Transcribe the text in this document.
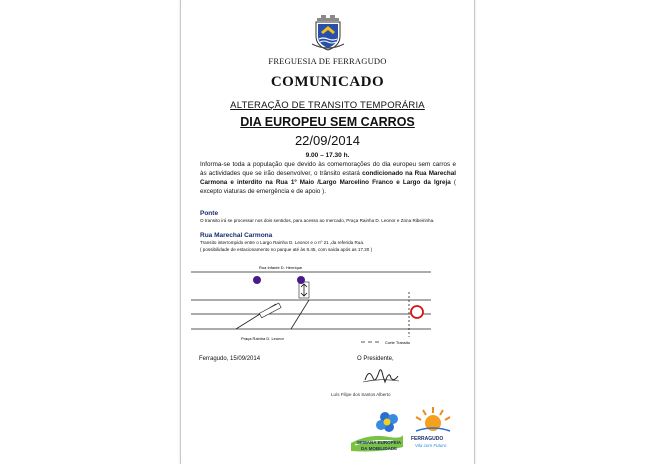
FREGUESIA DE FERRAGUDO
COMUNICADO
ALTERAÇÃO DE TRANSITO TEMPORÁRIA
DIA EUROPEU SEM CARROS
22/09/2014
9.00 – 17.30 h.
Informa-se toda a população que devido às comemorações do dia europeu sem carros e às actividades que se irão desenvolver, o trânsito estará condicionado na Rua Marechal Carmona e interdito na Rua 1º Maio /Largo Marcelino Franco e Largo da Igreja ( excepto viaturas de emergência e de apoio ).
Ponte
O transito irá se processar nos dois sentidos, para acesso ao mercado, Praça Rainha D. Leonor e Zona Ribeirinha.
Rua Marechal Carmona
Transito interrompido entre o Largo Rainha D. Leonor e o nº 21 ,da referida Rua.
( possibilidade de estacionamento no parque até às 8.45, com saída após as 17.20 )
Rua Infante D. Henrique
Praça Rainha D. Leonor
Corte Transito
Ferragudo, 15/09/2014	O Presidente,
Luís Filipe dos Santos Alberto
SEMANA EUROPEIA
DA MOBILIDADE
FERRAGUDO
Vila com Futuro
